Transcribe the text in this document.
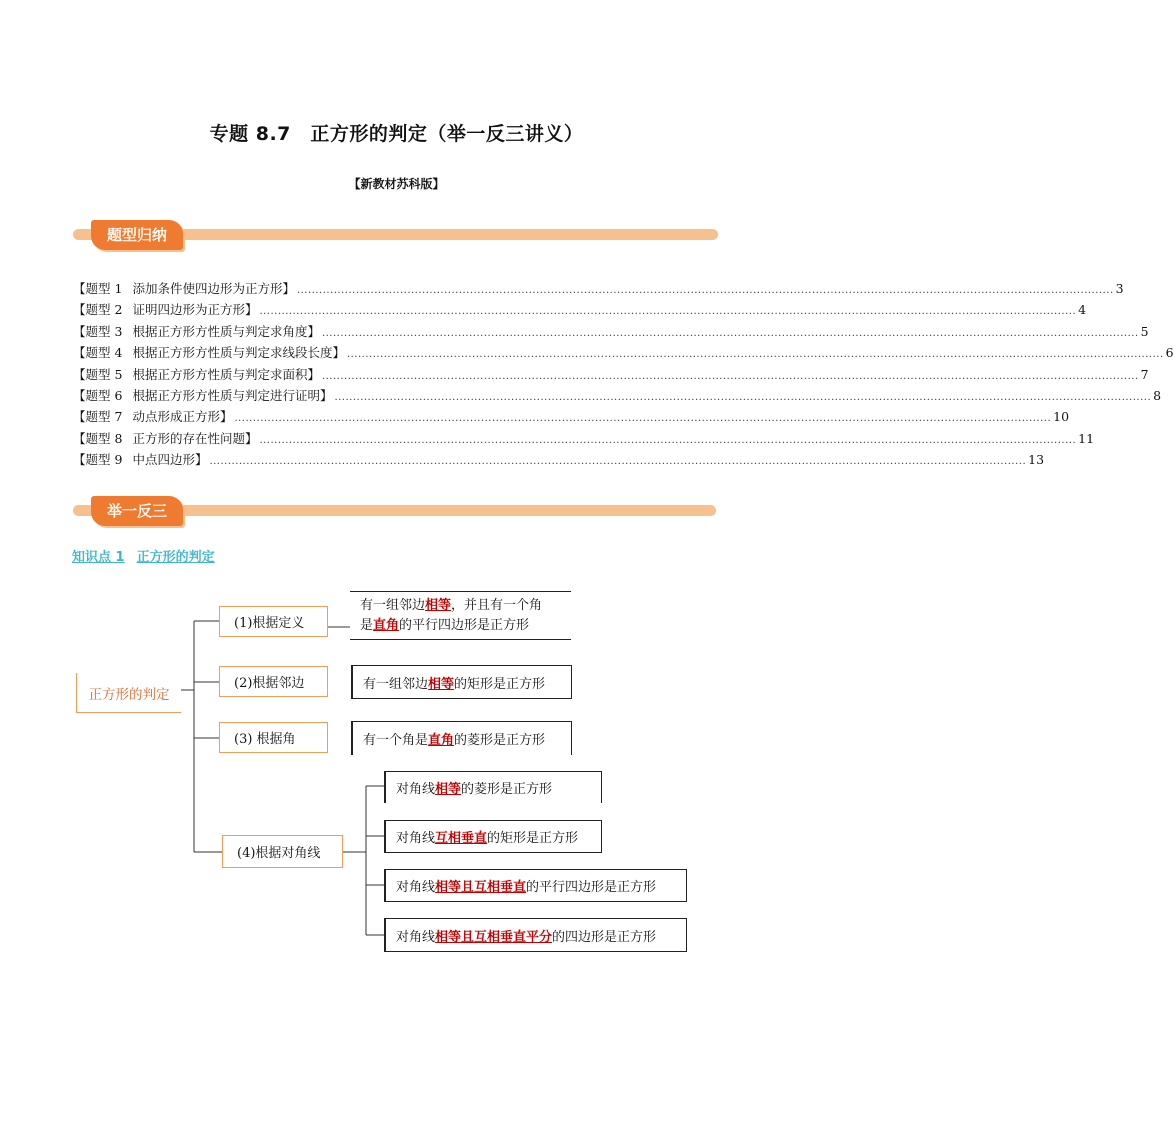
专题 8.7　正方形的判定（举一反三讲义）
【新教材苏科版】
题型归纳
【题型 1 添加条件使四边形为正方形】 .............................................................................................................................................................................................................................. 3
【题型 2 证明四边形为正方形】 .............................................................................................................................................................................................................................. 4
【题型 3 根据正方形方性质与判定求角度】 .............................................................................................................................................................................................................................. 5
【题型 4 根据正方形方性质与判定求线段长度】 .............................................................................................................................................................................................................................. 6
【题型 5 根据正方形方性质与判定求面积】 .............................................................................................................................................................................................................................. 7
【题型 6 根据正方形方性质与判定进行证明】 .............................................................................................................................................................................................................................. 8
【题型 7 动点形成正方形】 .............................................................................................................................................................................................................................. 10
【题型 8 正方形的存在性问题】 .............................................................................................................................................................................................................................. 11
【题型 9 中点四边形】 .............................................................................................................................................................................................................................. 13
举一反三
知识点 1 正方形的判定
正方形的判定
(1)根据定义
(2)根据邻边
(3) 根据角
(4)根据对角线
有一组邻边相等，并且有一个角
是直角的平行四边形是正方形
有一组邻边 相等 的矩形是正方形
有一个角是 直角 的菱形是正方形
对角线 相等 的菱形是正方形
对角线 互相垂直 的矩形是正方形
对角线 相等且互相垂直 的平行四边形是正方形
对角线 相等且互相垂直平分 的四边形是正方形
